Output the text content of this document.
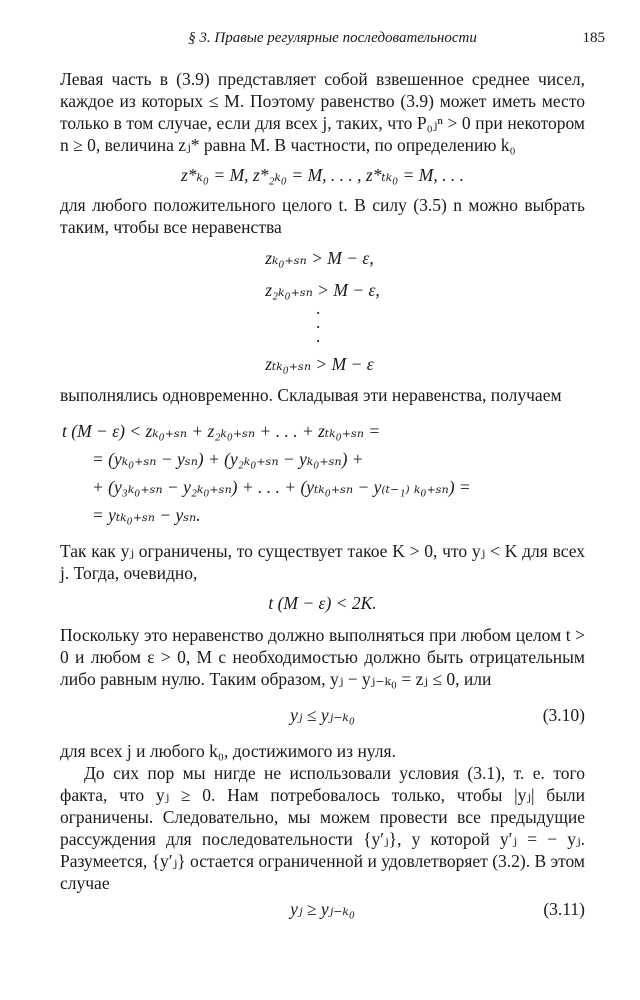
§ 3. Правые регулярные последовательности	185

Левая часть в (3.9) представляет собой взвешенное среднее чисел, каждое из которых ≤ M. Поэтому равенство (3.9) может иметь место только в том случае, если для всех j, таких, что P₀ⱼⁿ > 0 при некотором n ≥ 0, величина zⱼ* равна M. В частности, по определению k₀

z*ₖ₀ = M, z*₂ₖ₀ = M, . . . , z*ₜₖ₀ = M, . . .

для любого положительного целого t. В силу (3.5) n можно выбрать таким, чтобы все неравенства

zₖ₀₊ₛₙ > M − ε,
z₂ₖ₀₊ₛₙ > M − ε,
·
·
·
zₜₖ₀₊ₛₙ > M − ε

выполнялись одновременно. Складывая эти неравенства, получаем

t (M − ε) < zₖ₀₊ₛₙ + z₂ₖ₀₊ₛₙ + . . . + zₜₖ₀₊ₛₙ =
= (yₖ₀₊ₛₙ − yₛₙ) + (y₂ₖ₀₊ₛₙ − yₖ₀₊ₛₙ) +
+ (y₃ₖ₀₊ₛₙ − y₂ₖ₀₊ₛₙ) + . . . + (yₜₖ₀₊ₛₙ − y₍ₜ₋₁₎ ₖ₀₊ₛₙ) =
= yₜₖ₀₊ₛₙ − yₛₙ.

Так как yⱼ ограничены, то существует такое K > 0, что yⱼ < K для всех j. Тогда, очевидно,

t (M − ε) < 2K.

Поскольку это неравенство должно выполняться при любом целом t > 0 и любом ε > 0, M с необходимостью должно быть отрицательным либо равным нулю. Таким образом, yⱼ − yⱼ₋ₖ₀ = zⱼ ≤ 0, или

yⱼ ≤ yⱼ₋ₖ₀	(3.10)

для всех j и любого k₀, достижимого из нуля.

До сих пор мы нигде не использовали условия (3.1), т. е. того факта, что yⱼ ≥ 0. Нам потребовалось только, чтобы |yⱼ| были ограничены. Следовательно, мы можем провести все предыдущие рассуждения для последовательности {y′ⱼ}, у которой y′ⱼ = − yⱼ. Разумеется, {y′ⱼ} остается ограниченной и удовлетворяет (3.2). В этом случае

yⱼ ≥ yⱼ₋ₖ₀	(3.11)
